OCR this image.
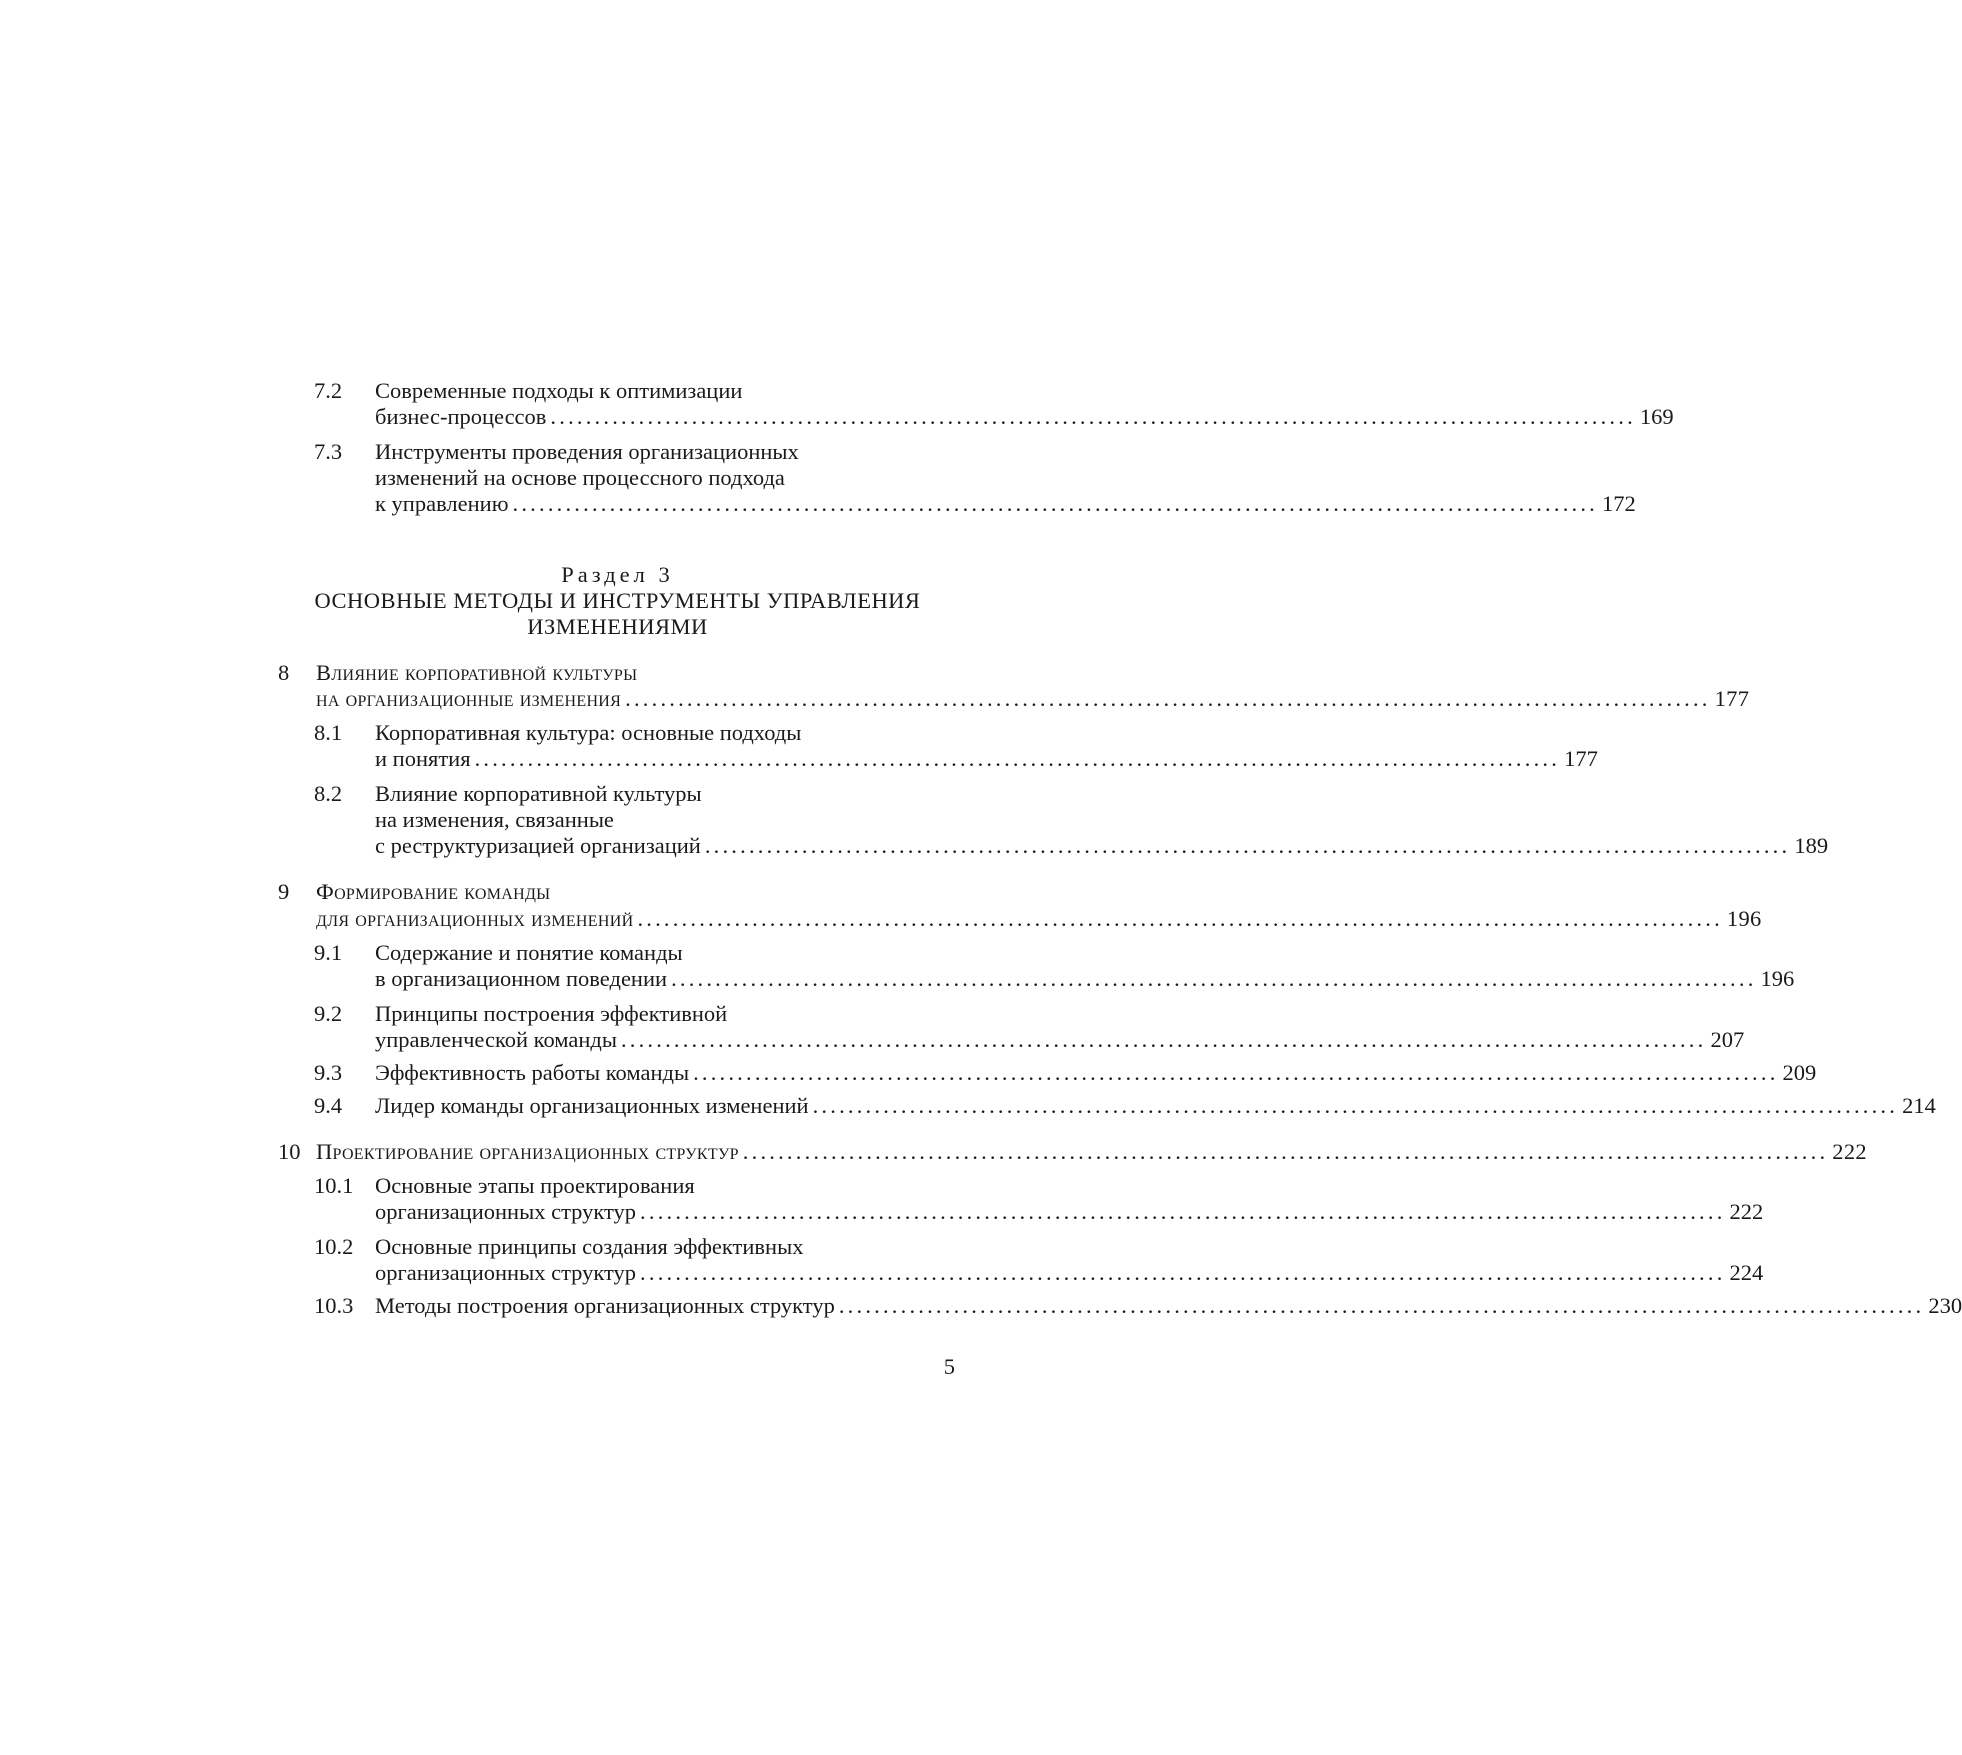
7.2 Современные подходы к оптимизации
бизнес-процессов ........................................................................................................................... 169
7.3 Инструменты проведения организационных
изменений на основе процессного подхода
к управлению ........................................................................................................................... 172
Раздел 3
ОСНОВНЫЕ МЕТОДЫ И ИНСТРУМЕНТЫ УПРАВЛЕНИЯ
ИЗМЕНЕНИЯМИ
8 Влияние корпоративной культуры
на организационные изменения ........................................................................................................................... 177
8.1 Корпоративная культура: основные подходы
и понятия ........................................................................................................................... 177
8.2 Влияние корпоративной культуры
на изменения, связанные
с реструктуризацией организаций ........................................................................................................................... 189
9 Формирование команды
для организационных изменений ........................................................................................................................... 196
9.1 Содержание и понятие команды
в организационном поведении ........................................................................................................................... 196
9.2 Принципы построения эффективной
управленческой команды ........................................................................................................................... 207
9.3 Эффективность работы команды ........................................................................................................................... 209
9.4 Лидер команды организационных изменений ........................................................................................................................... 214
10 Проектирование организационных структур ........................................................................................................................... 222
10.1 Основные этапы проектирования
организационных структур ........................................................................................................................... 222
10.2 Основные принципы создания эффективных
организационных структур ........................................................................................................................... 224
10.3 Методы построения организационных структур ........................................................................................................................... 230
5
